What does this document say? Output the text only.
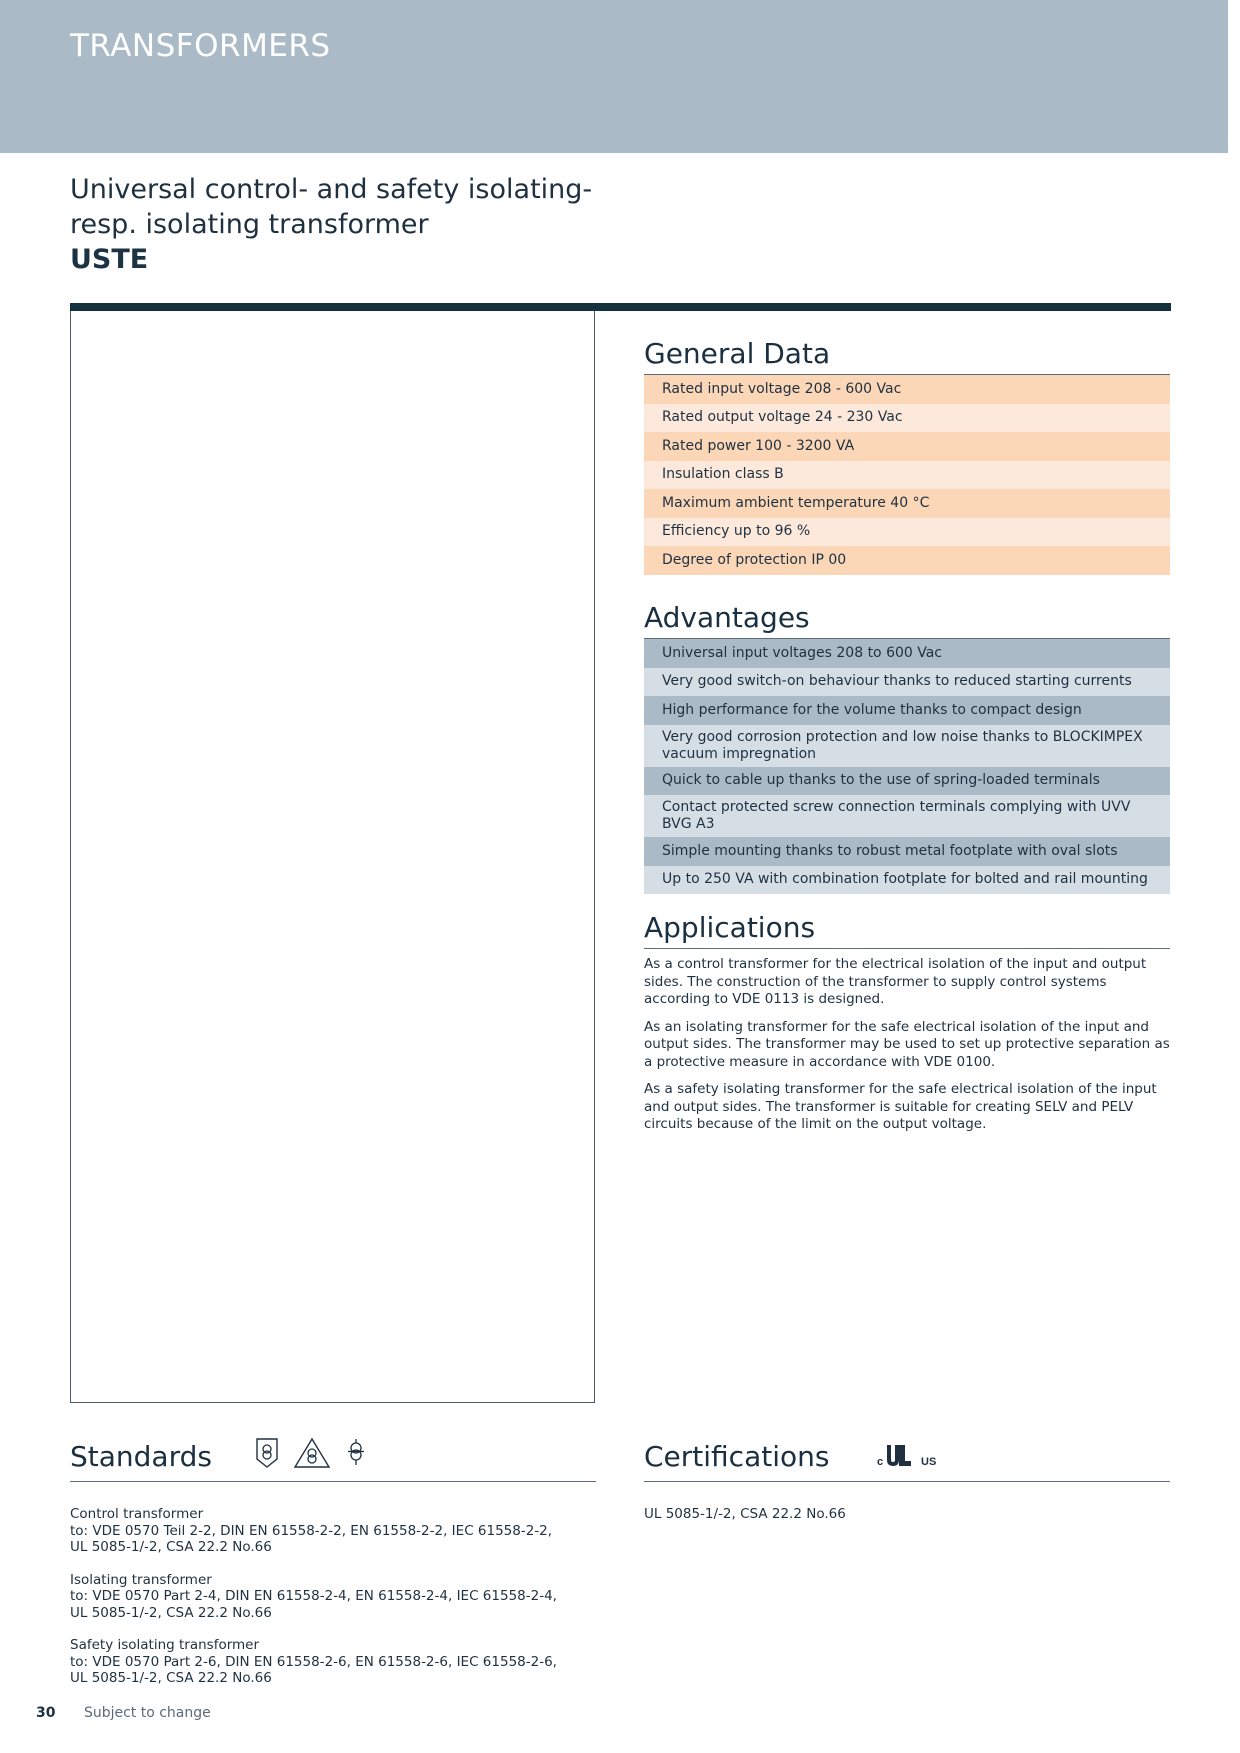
TRANSFORMERS
Universal control- and safety isolating-
resp. isolating transformer
USTE
General Data
Rated input voltage 208 - 600 Vac
Rated output voltage 24 - 230 Vac
Rated power 100 - 3200 VA
Insulation class B
Maximum ambient temperature 40 °C
Efficiency up to 96 %
Degree of protection IP 00
Advantages
Universal input voltages 208 to 600 Vac
Very good switch-on behaviour thanks to reduced starting currents
High performance for the volume thanks to compact design
Very good corrosion protection and low noise thanks to BLOCKIMPEX vacuum impregnation
Quick to cable up thanks to the use of spring-loaded terminals
Contact protected screw connection terminals complying with UVV BVG A3
Simple mounting thanks to robust metal footplate with oval slots
Up to 250 VA with combination footplate for bolted and rail mounting
Applications

As a control transformer for the electrical isolation of the input and output sides. The construction of the transformer to supply control systems according to VDE 0113 is designed.

As an isolating transformer for the safe electrical isolation of the input and output sides. The transformer may be used to set up protective separation as a protective measure in accordance with VDE 0100.

As a safety isolating transformer for the safe electrical isolation of the input and output sides. The transformer is suitable for creating SELV and PELV circuits because of the limit on the output voltage.

Standards
Control transformer
to: VDE 0570 Teil 2-2, DIN EN 61558-2-2, EN 61558-2-2, IEC 61558-2-2,
UL 5085-1/-2, CSA 22.2 No.66
Isolating transformer
to: VDE 0570 Part 2-4, DIN EN 61558-2-4, EN 61558-2-4, IEC 61558-2-4,
UL 5085-1/-2, CSA 22.2 No.66
Safety isolating transformer
to: VDE 0570 Part 2-6, DIN EN 61558-2-6, EN 61558-2-6, IEC 61558-2-6,
UL 5085-1/-2, CSA 22.2 No.66
Certifications	c	US
UL 5085-1/-2, CSA 22.2 No.66
30 Subject to change
